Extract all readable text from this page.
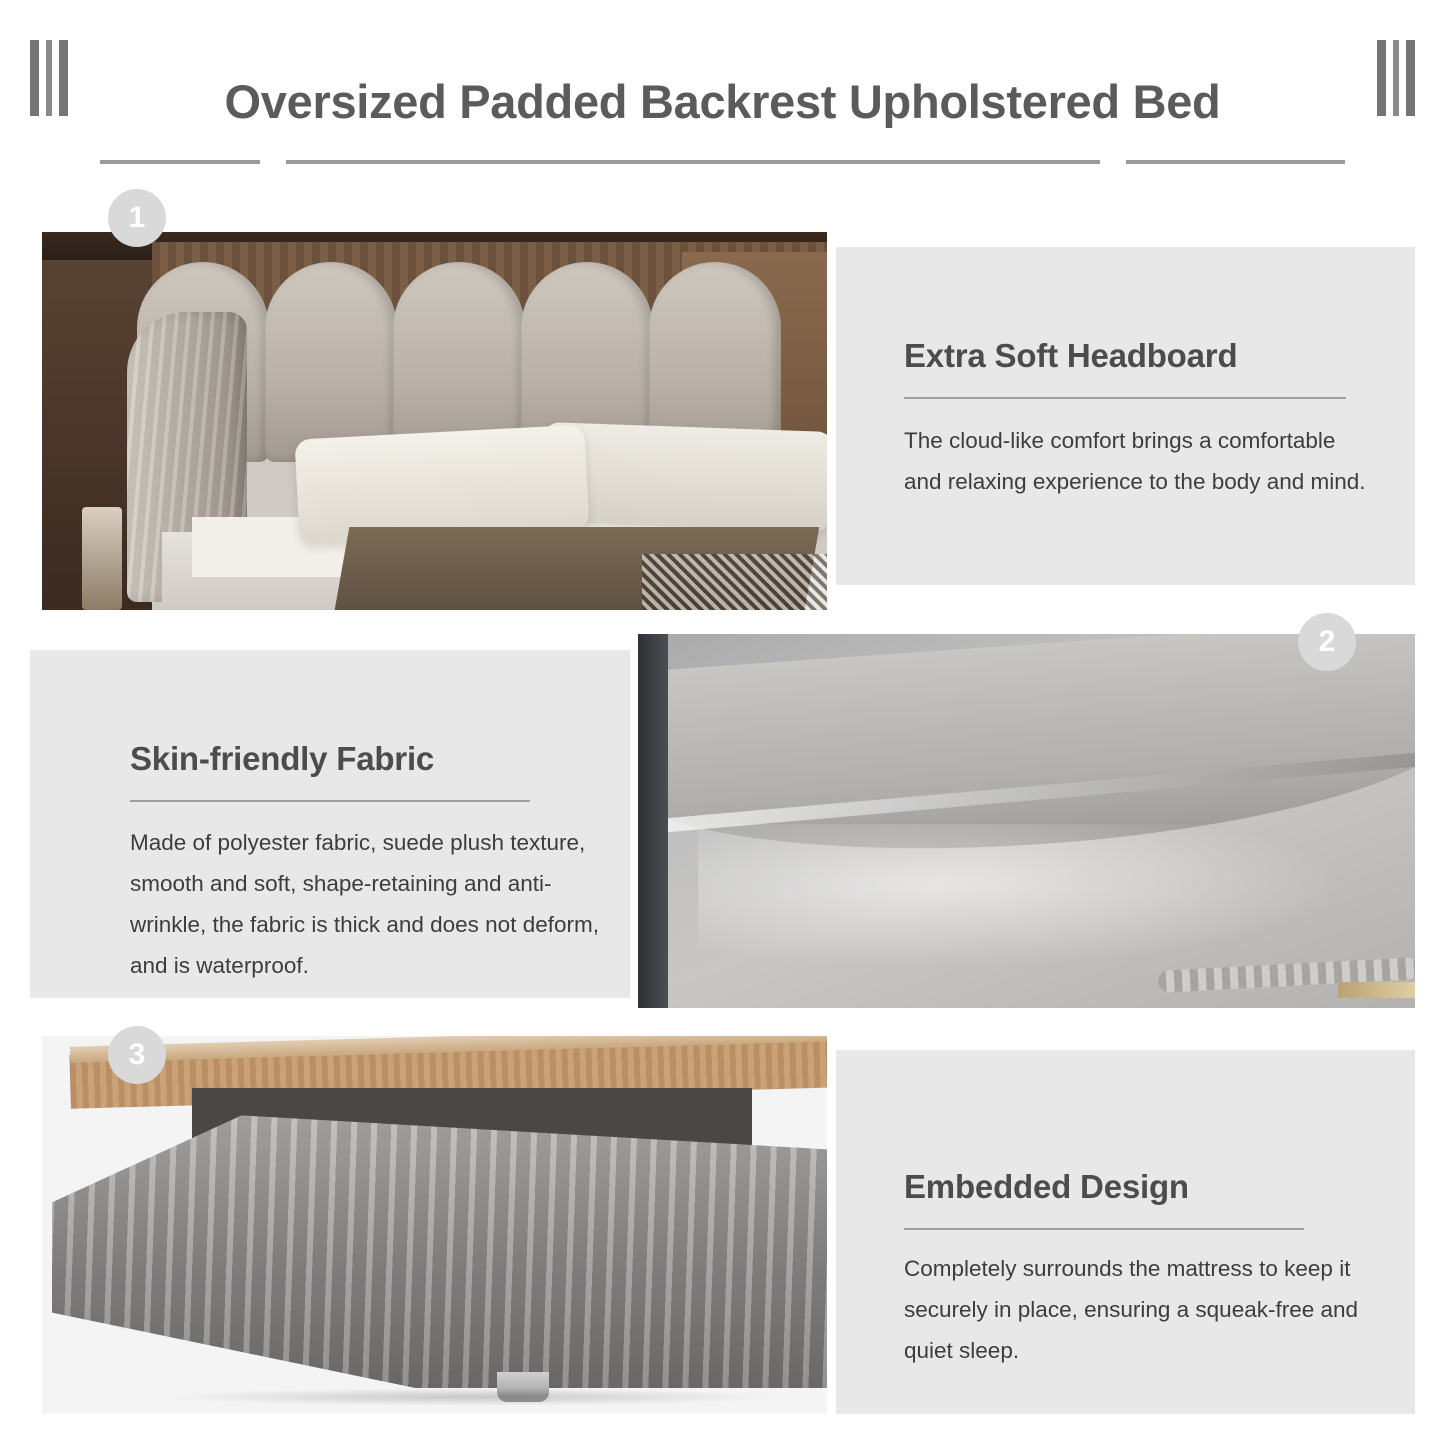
Oversized Padded Backrest Upholstered Bed
1
Extra Soft Headboard
The cloud-like comfort brings a comfortable and relaxing experience to the body and mind.
Skin-friendly Fabric
Made of polyester fabric, suede plush texture, smooth and soft, shape-retaining and anti-wrinkle, the fabric is thick and does not deform, and is waterproof.
2
3
Embedded Design
Completely surrounds the mattress to keep it securely in place, ensuring a squeak-free and quiet sleep.
